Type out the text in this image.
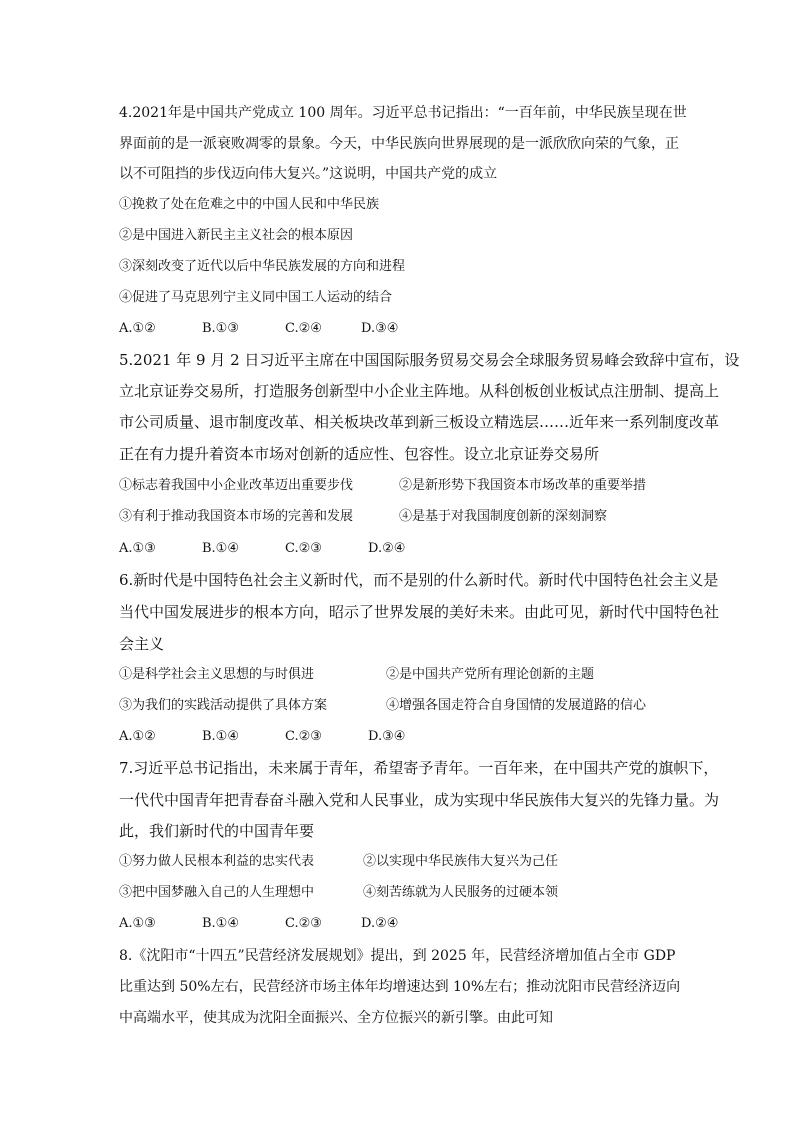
4.2021年是中国共产党成立 100 周年。习近平总书记指出：“一百年前，中华民族呈现在世
界面前的是一派衰败凋零的景象。今天，中华民族向世界展现的是一派欣欣向荣的气象，正
以不可阻挡的步伐迈向伟大复兴。”这说明，中国共产党的成立
①挽救了处在危难之中的中国人民和中华民族
②是中国进入新民主主义社会的根本原因
③深刻改变了近代以后中华民族发展的方向和进程
④促进了马克思列宁主义同中国工人运动的结合
A.①②	B.①③	C.②④	D.③④
5.2021 年 9 月 2 日习近平主席在中国国际服务贸易交易会全球服务贸易峰会致辞中宣布，设
立北京证券交易所，打造服务创新型中小企业主阵地。从科创板创业板试点注册制、提高上
市公司质量、退市制度改革、相关板块改革到新三板设立精选层……近年来一系列制度改革
正在有力提升着资本市场对创新的适应性、包容性。设立北京证券交易所
①标志着我国中小企业改革迈出重要步伐	②是新形势下我国资本市场改革的重要举措
③有利于推动我国资本市场的完善和发展	④是基于对我国制度创新的深刻洞察
A.①③	B.①④	C.②③	D.②④
6.新时代是中国特色社会主义新时代，而不是别的什么新时代。新时代中国特色社会主义是
当代中国发展进步的根本方向，昭示了世界发展的美好未来。由此可见，新时代中国特色社
会主义
①是科学社会主义思想的与时俱进	②是中国共产党所有理论创新的主题
③为我们的实践活动提供了具体方案	④增强各国走符合自身国情的发展道路的信心
A.①②	B.①④	C.②③	D.③④
7.习近平总书记指出，未来属于青年，希望寄予青年。一百年来，在中国共产党的旗帜下，
一代代中国青年把青春奋斗融入党和人民事业，成为实现中华民族伟大复兴的先锋力量。为
此，我们新时代的中国青年要
①努力做人民根本利益的忠实代表	②以实现中华民族伟大复兴为己任
③把中国梦融入自己的人生理想中	④刻苦练就为人民服务的过硬本领
A.①③	B.①④	C.②③	D.②④
8.《沈阳市“十四五”民营经济发展规划》提出，到 2025 年，民营经济增加值占全市 GDP
比重达到 50%左右，民营经济市场主体年均增速达到 10%左右；推动沈阳市民营经济迈向
中高端水平，使其成为沈阳全面振兴、全方位振兴的新引擎。由此可知
